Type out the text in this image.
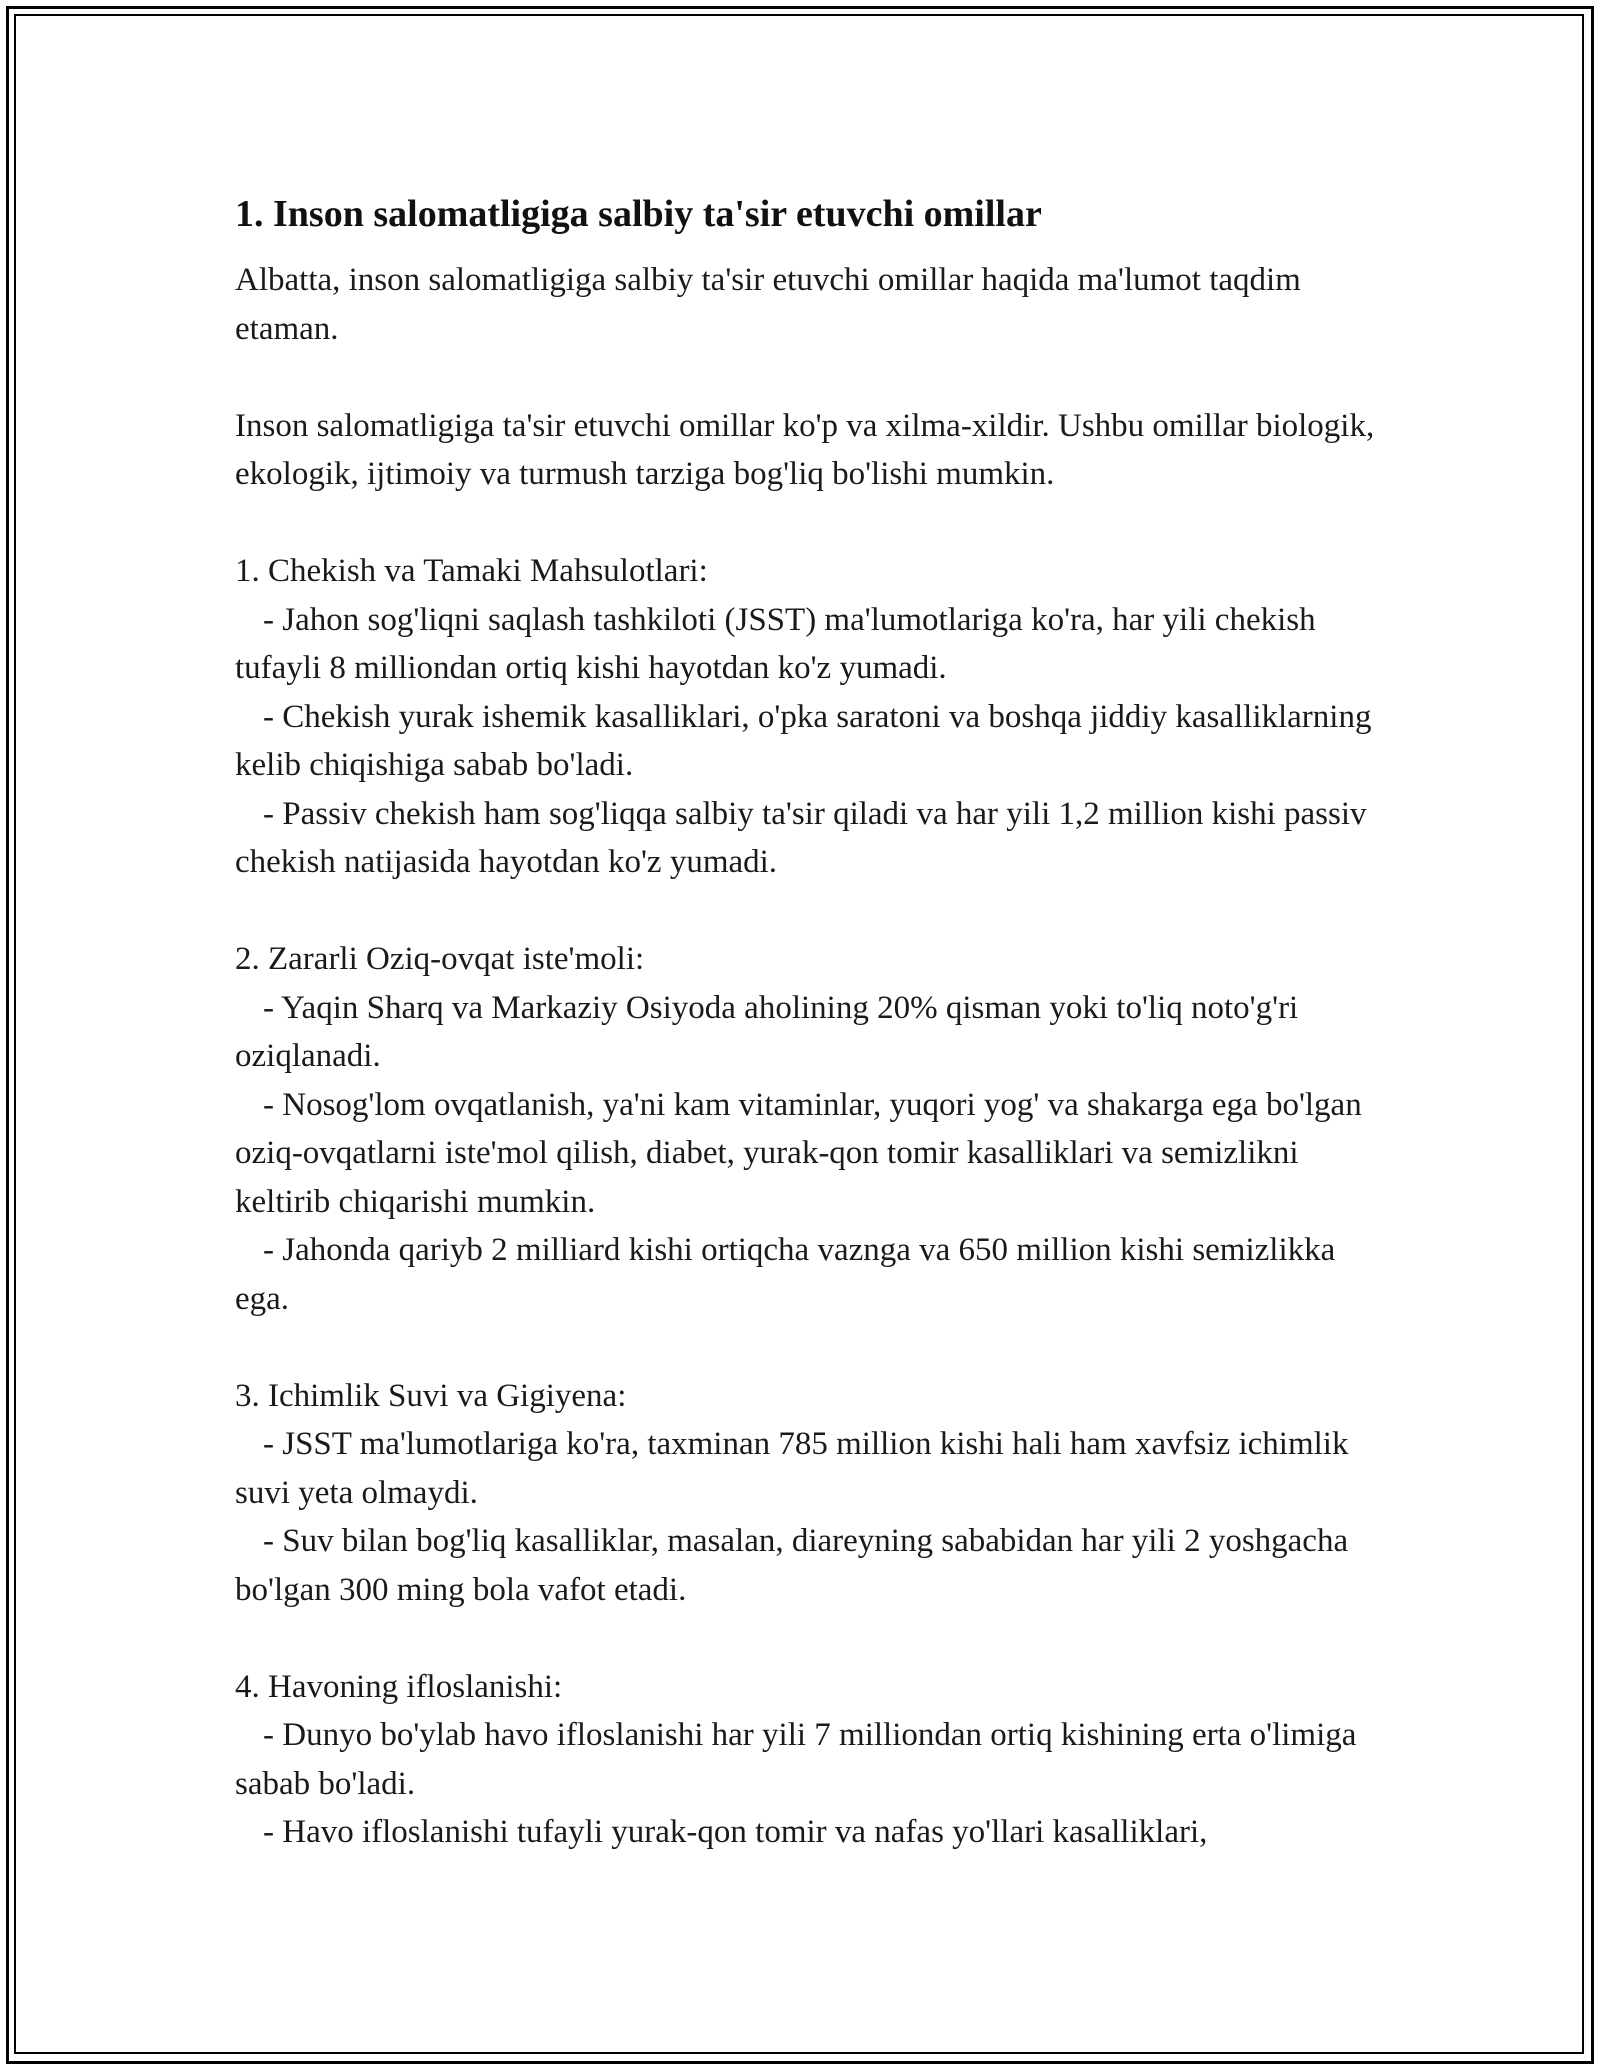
1. Inson salomatligiga salbiy ta'sir etuvchi omillar

Albatta, inson salomatligiga salbiy ta'sir etuvchi omillar haqida ma'lumot taqdim etaman.

Inson salomatligiga ta'sir etuvchi omillar ko'p va xilma-xildir. Ushbu omillar biologik, ekologik, ijtimoiy va turmush tarziga bog'liq bo'lishi mumkin.

1. Chekish va Tamaki Mahsulotlari:

- Jahon sog'liqni saqlash tashkiloti (JSST) ma'lumotlariga ko'ra, har yili chekish tufayli 8 milliondan ortiq kishi hayotdan ko'z yumadi.

- Chekish yurak ishemik kasalliklari, o'pka saratoni va boshqa jiddiy kasalliklarning kelib chiqishiga sabab bo'ladi.

- Passiv chekish ham sog'liqqa salbiy ta'sir qiladi va har yili 1,2 million kishi passiv chekish natijasida hayotdan ko'z yumadi.

2. Zararli Oziq-ovqat iste'moli:

- Yaqin Sharq va Markaziy Osiyoda aholining 20% qisman yoki to'liq noto'g'ri oziqlanadi.

- Nosog'lom ovqatlanish, ya'ni kam vitaminlar, yuqori yog' va shakarga ega bo'lgan oziq-ovqatlarni iste'mol qilish, diabet, yurak-qon tomir kasalliklari va semizlikni keltirib chiqarishi mumkin.

- Jahonda qariyb 2 milliard kishi ortiqcha vaznga va 650 million kishi semizlikka ega.

3. Ichimlik Suvi va Gigiyena:

- JSST ma'lumotlariga ko'ra, taxminan 785 million kishi hali ham xavfsiz ichimlik suvi yeta olmaydi.

- Suv bilan bog'liq kasalliklar, masalan, diareyning sababidan har yili 2 yoshgacha bo'lgan 300 ming bola vafot etadi.

4. Havoning ifloslanishi:

- Dunyo bo'ylab havo ifloslanishi har yili 7 milliondan ortiq kishining erta o'limiga sabab bo'ladi.

- Havo ifloslanishi tufayli yurak-qon tomir va nafas yo'llari kasalliklari,
